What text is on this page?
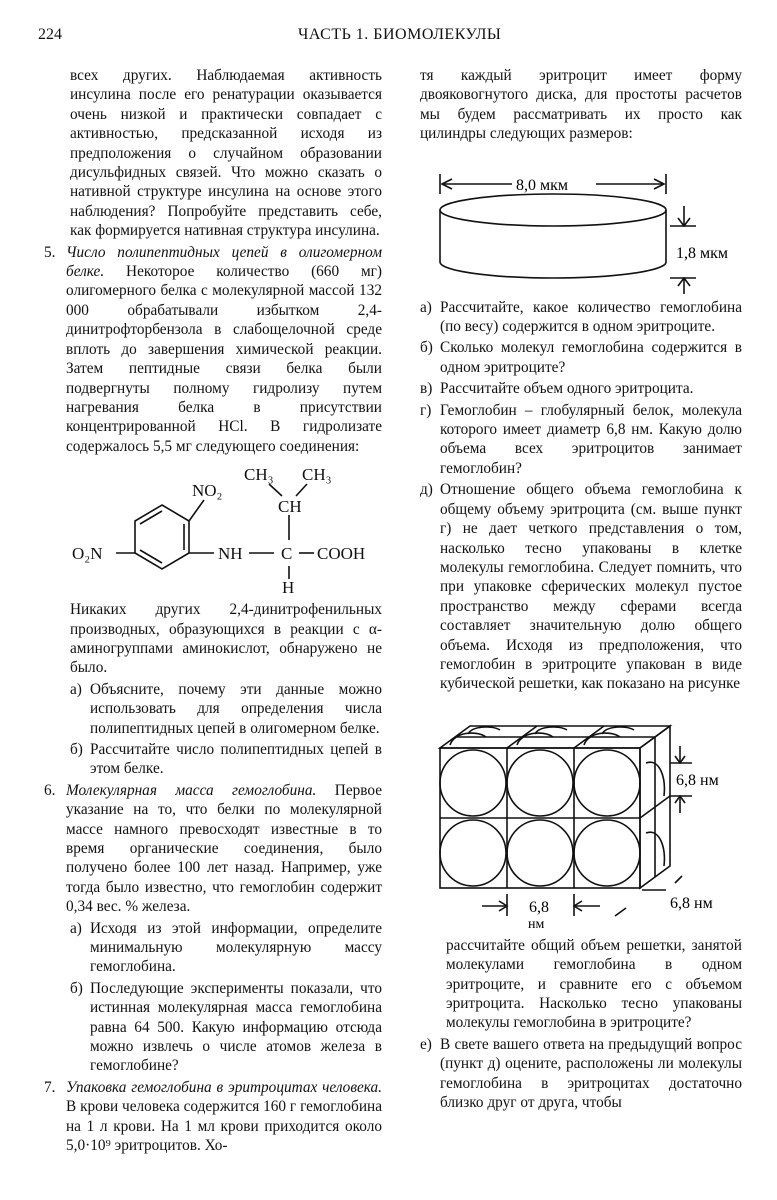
224	ЧАСТЬ 1. БИОМОЛЕКУЛЫ

всех других. Наблюдаемая активность инсулина после его ренатурации оказывается очень низкой и практически совпадает с активностью, предсказанной исходя из предположения о случайном образовании дисульфидных связей. Что можно сказать о нативной структуре инсулина на основе этого наблюдения? Попробуйте представить себе, как формируется нативная структура инсулина.

5. Число полипептидных цепей в олигомерном белке. Некоторое количество (660 мг) олигомерного белка с молекулярной массой 132 000 обрабатывали избытком 2,4-динитрофторбензола в слабощелочной среде вплоть до завершения химической реакции. Затем пептидные связи белка были подвергнуты полному гидролизу путем нагревания белка в присутствии концентрированной HCl. В гидролизате содержалось 5,5 мг следующего соединения:

CH₃ CH₃
CH
NO₂
O₂N	NH C COOH
H

Никаких других 2,4-динитрофенильных производных, образующихся в реакции с α-аминогруппами аминокислот, обнаружено не было.

а) Объясните, почему эти данные можно использовать для определения числа полипептидных цепей в олигомерном белке.

б) Рассчитайте число полипептидных цепей в этом белке.

6. Молекулярная масса гемоглобина. Первое указание на то, что белки по молекулярной массе намного превосходят известные в то время органические соединения, было получено более 100 лет назад. Например, уже тогда было известно, что гемоглобин содержит 0,34 вес. % железа.

а) Исходя из этой информации, определите минимальную молекулярную массу гемоглобина.

б) Последующие эксперименты показали, что истинная молекулярная масса гемоглобина равна 64 500. Какую информацию отсюда можно извлечь о числе атомов железа в гемоглобине?

7. Упаковка гемоглобина в эритроцитах человека. В крови человека содержится 160 г гемоглобина на 1 л крови. На 1 мл крови приходится около 5,0·10⁹ эритроцитов. Хо-

тя каждый эритроцит имеет форму двояковогнутого диска, для простоты расчетов мы будем рассматривать их просто как цилиндры следующих размеров:

8,0 мкм
1,8 мкм
а) Рассчитайте, какое количество гемоглобина (по весу) содержится в одном эритроците.

б) Сколько молекул гемоглобина содержится в одном эритроците?

в) Рассчитайте объем одного эритроцита.

г) Гемоглобин – глобулярный белок, молекула которого имеет диаметр 6,8 нм. Какую долю объема всех эритроцитов занимает гемоглобин?

д) Отношение общего объема гемоглобина к общему объему эритроцита (см. выше пункт г) не дает четкого представления о том, насколько тесно упакованы в клетке молекулы гемоглобина. Следует помнить, что при упаковке сферических молекул пустое пространство между сферами всегда составляет значительную долю общего объема. Исходя из предположения, что гемоглобин в эритроците упакован в виде кубической решетки, как показано на рисунке

6,8 нм
6,8 нм
6,8
нм

рассчитайте общий объем решетки, занятой молекулами гемоглобина в одном эритроците, и сравните его с объемом эритроцита. Насколько тесно упакованы молекулы гемоглобина в эритроците?

е) В свете вашего ответа на предыдущий вопрос (пункт д) оцените, расположены ли молекулы гемоглобина в эритроцитах достаточно близко друг от друга, чтобы
